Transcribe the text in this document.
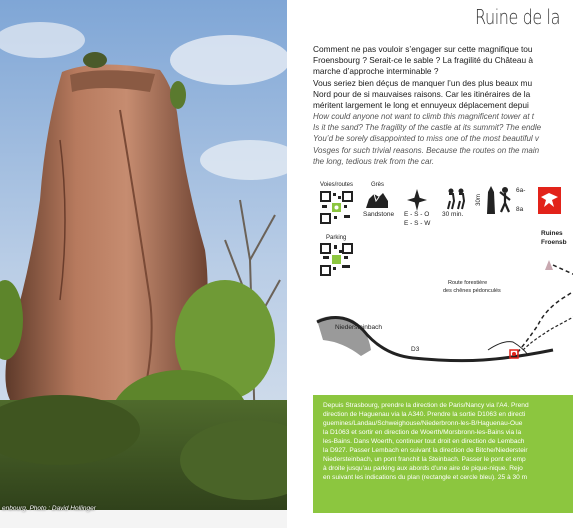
enbourg. Photo : David Hollinger
Ruine de la
Comment ne pas vouloir s’engager sur cette magnifique tou
Froensbourg ? Serait-ce le sable ? La fragilité du Château à
marche d’approche interminable ?
Vous seriez bien déçus de manquer l’un des plus beaux mu
Nord pour de si mauvaises raisons. Car les itinéraires de la
méritent largement le long et ennuyeux déplacement depui
How could anyone not want to climb this magnificent tower at t
Is it the sand? The fragility of the castle at its summit? The endle
You’d be sorely disappointed to miss one of the most beautiful v
Vosges for such trivial reasons. Because the routes on the main
the long, tedious trek from the car.
Voies/routes	Grès
Sandstone E - S - O
E - S - W
30 min.
30m
6a-
8a
Parking
Ruines
Froensb
Route forestière
des chênes pédonculés
Niedersteinbach
D3
Depuis Strasbourg, prendre la direction de Paris/Nancy via l’A4. Prend
direction de Haguenau via la A340. Prendre la sortie D1063 en directi
guemines/Landau/Schweighouse/Niederbronn-les-B/Haguenau-Oue
la D1063 et sortir en direction de Woerth/Morsbronn-les-Bains via la
les-Bains. Dans Woerth, continuer tout droit en direction de Lembach
la D927. Passer Lembach en suivant la direction de Bitche/Niedersteir
Niedersteinbach, un pont franchit la Steinbach. Passer le pont et emp
à droite jusqu’au parking aux abords d’une aire de pique-nique. Rejo
en suivant les indications du plan (rectangle et cercle bleu). 25 à 30 m
